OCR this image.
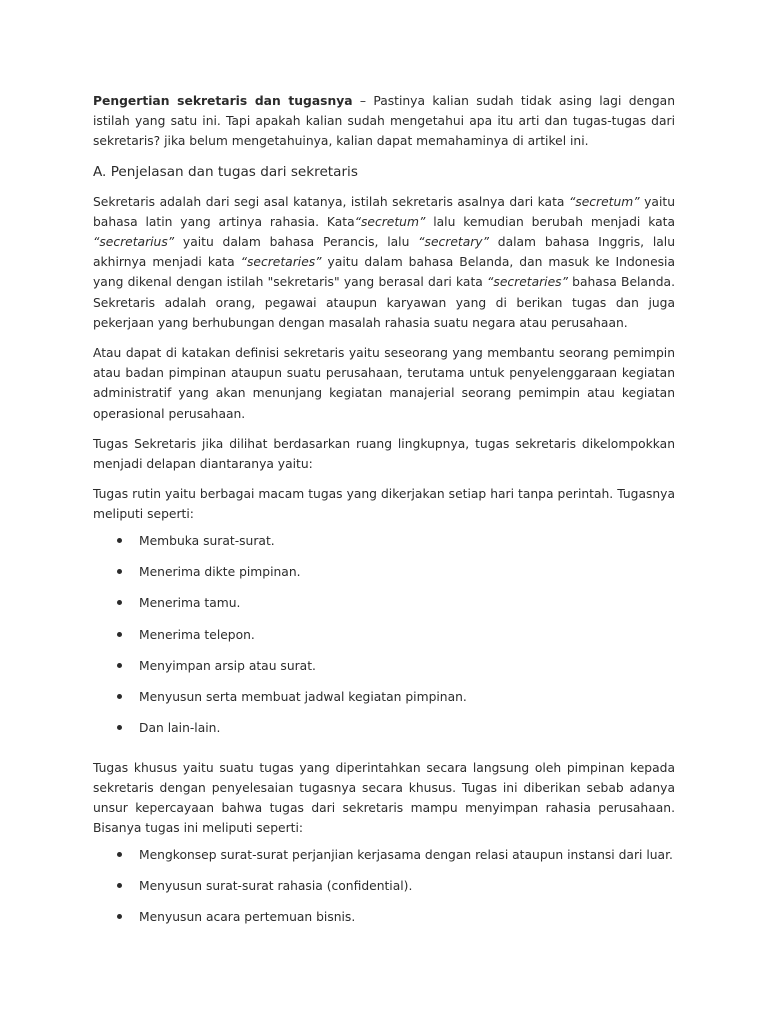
Pengertian sekretaris dan tugasnya – Pastinya kalian sudah tidak asing lagi dengan istilah yang satu ini. Tapi apakah kalian sudah mengetahui apa itu arti dan tugas-tugas dari sekretaris? jika belum mengetahuinya, kalian dapat memahaminya di artikel ini.

A. Penjelasan dan tugas dari sekretaris

Sekretaris adalah dari segi asal katanya, istilah sekretaris asalnya dari kata “secretum” yaitu bahasa latin yang artinya rahasia. Kata“secretum” lalu kemudian berubah menjadi kata “secretarius” yaitu dalam bahasa Perancis, lalu “secretary” dalam bahasa Inggris, lalu akhirnya menjadi kata “secretaries” yaitu dalam bahasa Belanda, dan masuk ke Indonesia yang dikenal dengan istilah "sekretaris" yang berasal dari kata “secretaries” bahasa Belanda. Sekretaris adalah orang, pegawai ataupun karyawan yang di berikan tugas dan juga pekerjaan yang berhubungan dengan masalah rahasia suatu negara atau perusahaan.

Atau dapat di katakan definisi sekretaris yaitu seseorang yang membantu seorang pemimpin atau badan pimpinan ataupun suatu perusahaan, terutama untuk penyelenggaraan kegiatan administratif yang akan menunjang kegiatan manajerial seorang pemimpin atau kegiatan operasional perusahaan.

Tugas Sekretaris jika dilihat berdasarkan ruang lingkupnya, tugas sekretaris dikelompokkan menjadi delapan diantaranya yaitu:

Tugas rutin yaitu berbagai macam tugas yang dikerjakan setiap hari tanpa perintah. Tugasnya meliputi seperti:

Membuka surat-surat.
Menerima dikte pimpinan.
Menerima tamu.
Menerima telepon.
Menyimpan arsip atau surat.
Menyusun serta membuat jadwal kegiatan pimpinan.
Dan lain-lain.

Tugas khusus yaitu suatu tugas yang diperintahkan secara langsung oleh pimpinan kepada sekretaris dengan penyelesaian tugasnya secara khusus. Tugas ini diberikan sebab adanya unsur kepercayaan bahwa tugas dari sekretaris mampu menyimpan rahasia perusahaan. Bisanya tugas ini meliputi seperti:

Mengkonsep surat-surat perjanjian kerjasama dengan relasi ataupun instansi dari luar.
Menyusun surat-surat rahasia (confidential).
Menyusun acara pertemuan bisnis.
